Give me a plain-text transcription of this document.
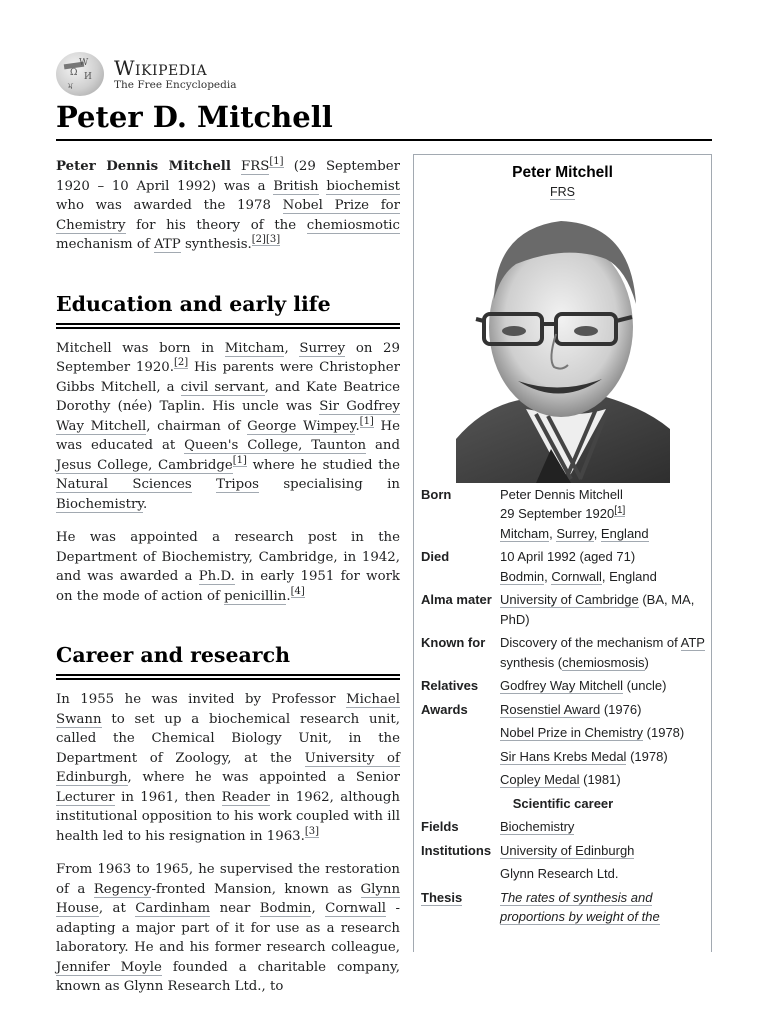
Ω И
ম
W Wikipedia
The Free Encyclopedia
Peter D. Mitchell

Peter Dennis Mitchell FRS[1] (29 September 1920 – 10 April 1992) was a British biochemist who was awarded the 1978 Nobel Prize for Chemistry for his theory of the chemiosmotic mechanism of ATP synthesis.[2][3]

Education and early life

Mitchell was born in Mitcham, Surrey on 29 September 1920.[2] His parents were Christopher Gibbs Mitchell, a civil servant, and Kate Beatrice Dorothy (née) Taplin. His uncle was Sir Godfrey Way Mitchell, chairman of George Wimpey.[1] He was educated at Queen's College, Taunton and Jesus College, Cambridge[1] where he studied the Natural Sciences Tripos specialising in Biochemistry.

He was appointed a research post in the Department of Biochemistry, Cambridge, in 1942, and was awarded a Ph.D. in early 1951 for work on the mode of action of penicillin.[4]

Career and research

In 1955 he was invited by Professor Michael Swann to set up a biochemical research unit, called the Chemical Biology Unit, in the Department of Zoology, at the University of Edinburgh, where he was appointed a Senior Lecturer in 1961, then Reader in 1962, although institutional opposition to his work coupled with ill health led to his resignation in 1963.[3]

From 1963 to 1965, he supervised the restoration of a Regency-fronted Mansion, known as Glynn House, at Cardinham near Bodmin, Cornwall - adapting a major part of it for use as a research laboratory. He and his former research colleague, Jennifer Moyle founded a charitable company, known as Glynn Research Ltd., to

Peter Mitchell
FRS
Born	Peter Dennis Mitchell
29 September 1920[1]
Mitcham, Surrey, England
Died	10 April 1992 (aged 71)
Bodmin, Cornwall, England
Alma mater University of Cambridge (BA, MA, PhD)
Known for	Discovery of the mechanism of ATP synthesis (chemiosmosis)
Relatives	Godfrey Way Mitchell (uncle)
Awards	Rosenstiel Award (1976)
Nobel Prize in Chemistry (1978)
Sir Hans Krebs Medal (1978)
Copley Medal (1981)
Scientific career
Fields	Biochemistry
Institutions University of Edinburgh
Glynn Research Ltd.
Thesis	The rates of synthesis and proportions by weight of the
